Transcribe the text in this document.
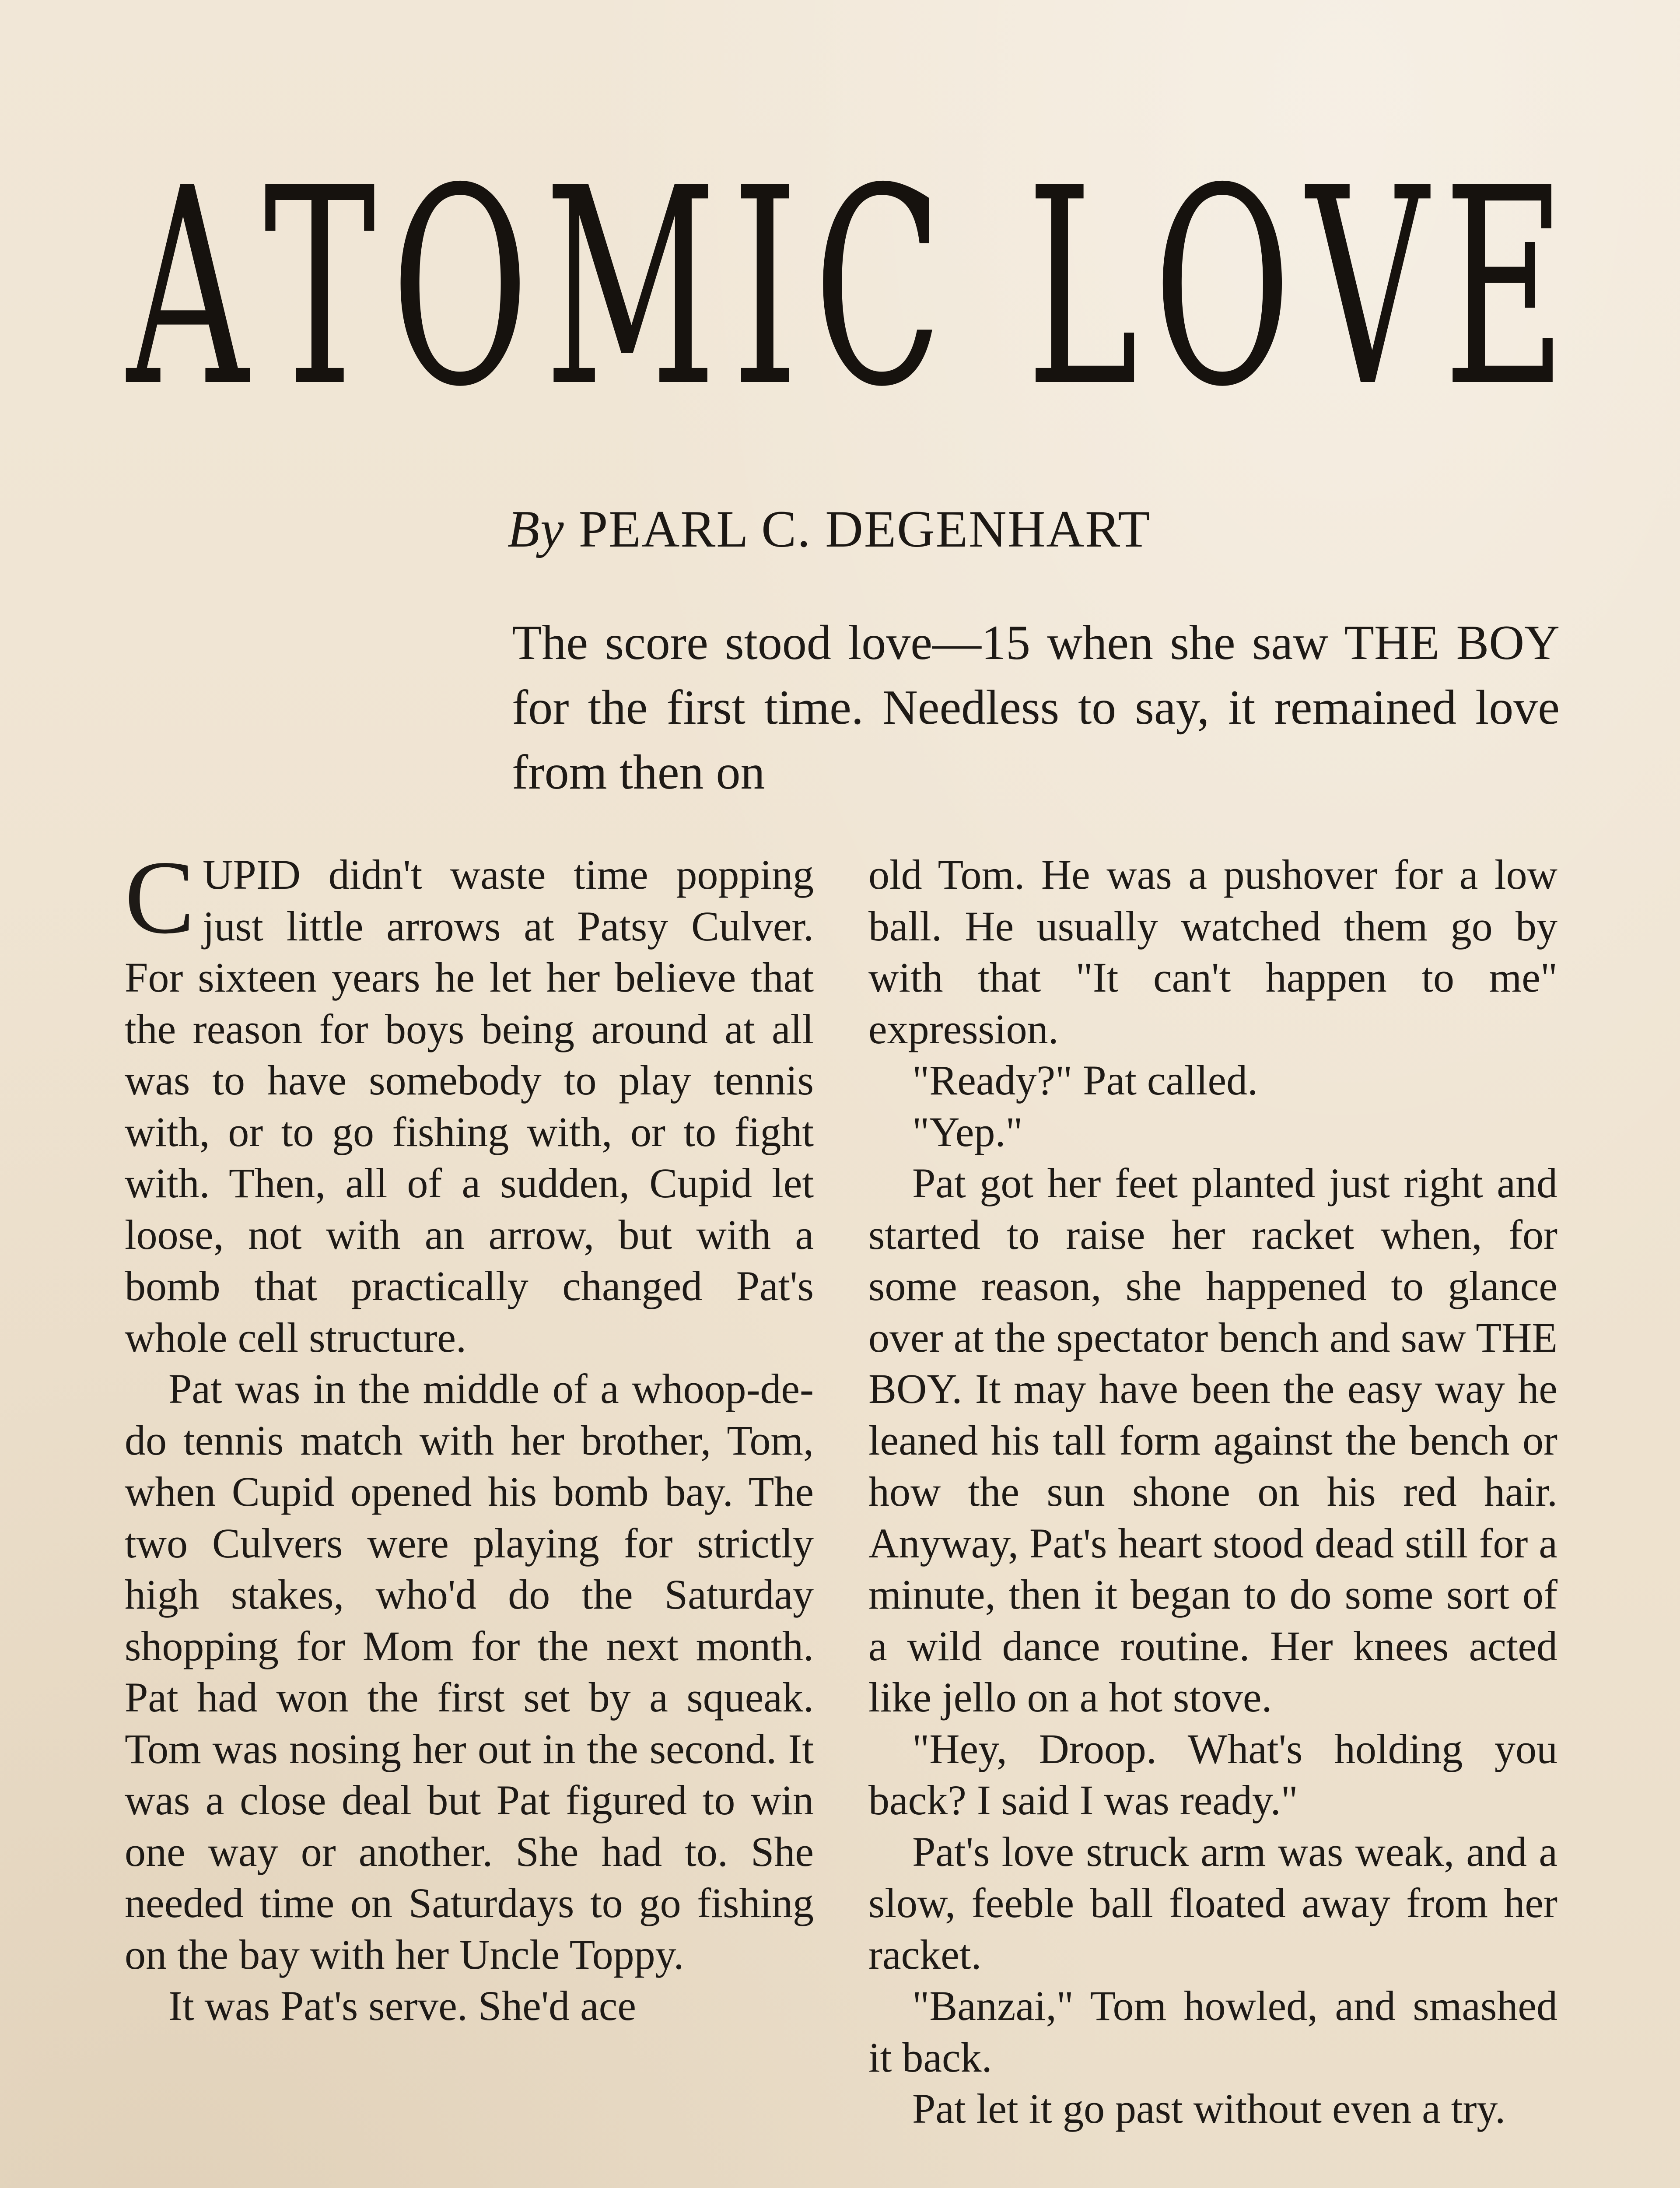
A T O M I C
L O V E
By PEARL C. DEGENHART
The score stood love—15 when she saw THE BOY for the first time. Needless to say, it remained love from then on

CUPID didn't waste time popping just little arrows at Patsy Culver. For sixteen years he let her believe that the reason for boys being around at all was to have somebody to play tennis with, or to go fishing with, or to fight with. Then, all of a sudden, Cupid let loose, not with an arrow, but with a bomb that practically changed Pat's whole cell structure.

Pat was in the middle of a whoop-de-do tennis match with her brother, Tom, when Cupid opened his bomb bay. The two Culvers were playing for strictly high stakes, who'd do the Saturday shopping for Mom for the next month. Pat had won the first set by a squeak. Tom was nosing her out in the second. It was a close deal but Pat figured to win one way or another. She had to. She needed time on Saturdays to go fishing on the bay with her Uncle Toppy.

It was Pat's serve. She'd ace

old Tom. He was a pushover for a low ball. He usually watched them go by with that "It can't happen to me" expression.

"Ready?" Pat called.

"Yep."

Pat got her feet planted just right and started to raise her racket when, for some reason, she happened to glance over at the spectator bench and saw THE BOY. It may have been the easy way he leaned his tall form against the bench or how the sun shone on his red hair. Anyway, Pat's heart stood dead still for a minute, then it began to do some sort of a wild dance routine. Her knees acted like jello on a hot stove.

"Hey, Droop. What's holding you back? I said I was ready."

Pat's love struck arm was weak, and a slow, feeble ball floated away from her racket.

"Banzai," Tom howled, and smashed it back.

Pat let it go past without even a try.
